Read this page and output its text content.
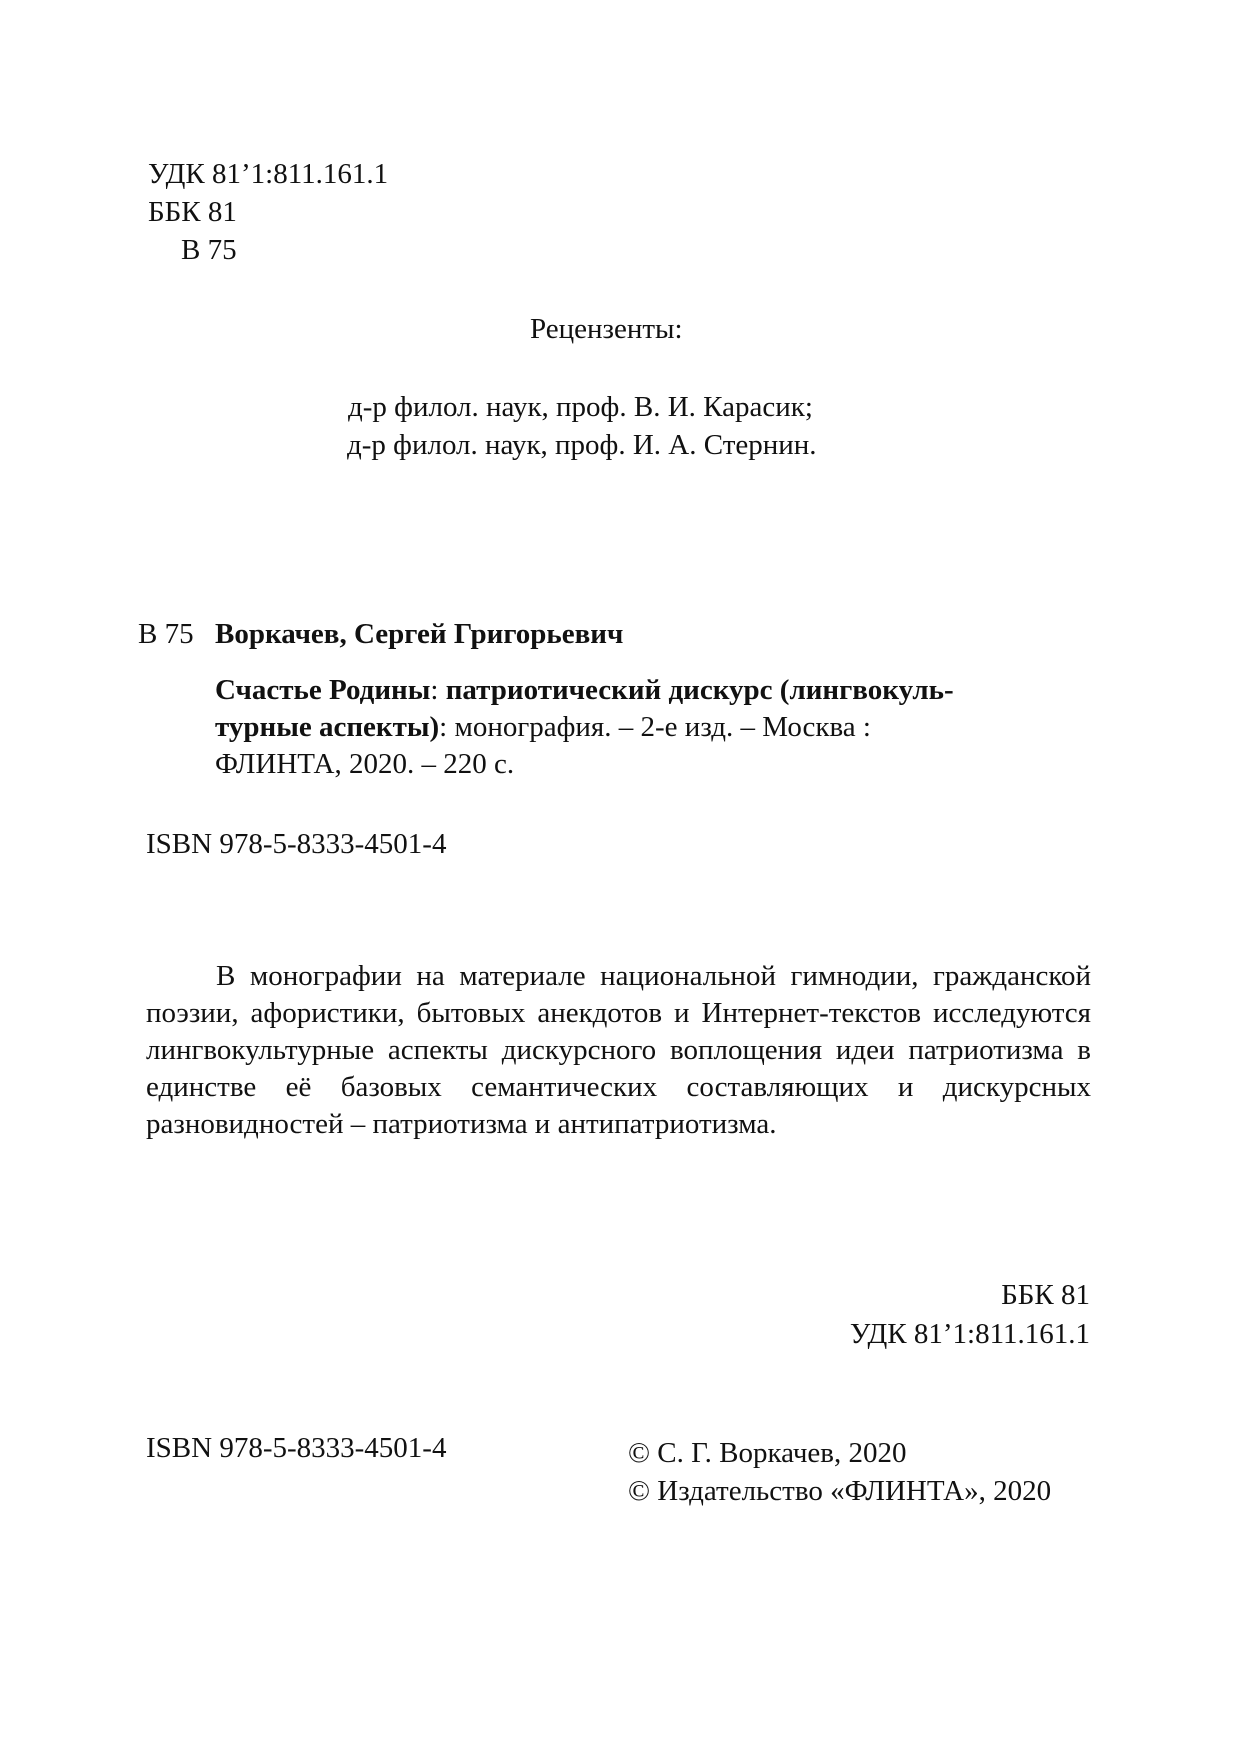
УДК 81’1:811.161.1
ББК 81
В 75
Рецензенты:
д-р филол. наук, проф. В. И. Карасик;
д-р филол. наук, проф. И. А. Стернин.
В 75 Воркачев, Сергей Григорьевич
Счастье Родины: патриотический дискурс (лингвокуль-
турные аспекты): монография. – 2-е изд. – Москва :
ФЛИНТА, 2020. – 220 с.
ISBN 978-5-8333-4501-4
В монографии на материале национальной гимнодии, гражданской поэзии, афористики, бытовых анекдотов и Интернет-текстов исследуются лингвокультурные аспекты дискурсного воплощения идеи патриотизма в единстве её базовых семантических составляющих и дискурсных разновидностей – патриотизма и антипатриотизма.
ББК 81
УДК 81’1:811.161.1
ISBN 978-5-8333-4501-4	© С. Г. Воркачев, 2020
© Издательство «ФЛИНТА», 2020
